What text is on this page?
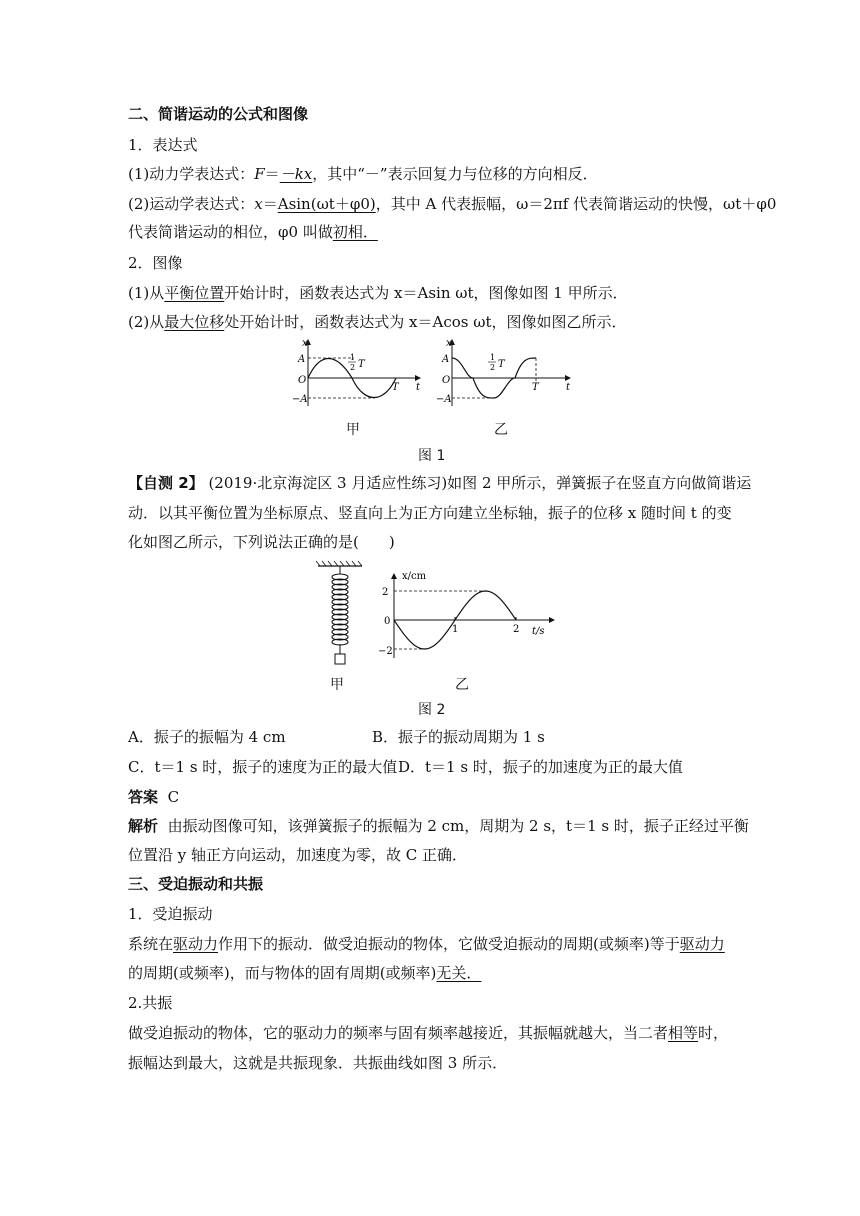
二、简谐运动的公式和图像
1．表达式
(1)动力学表达式：F＝－kx，其中“－”表示回复力与位移的方向相反．
(2)运动学表达式：x＝Asin(ωt＋φ0)，其中 A 代表振幅，ω＝2πf 代表简谐运动的快慢，ωt＋φ0
代表简谐运动的相位，φ0 叫做初相．
2．图像
(1)从平衡位置开始计时，函数表达式为 x＝Asin ωt，图像如图 1 甲所示．
(2)从最大位移处开始计时，函数表达式为 x＝Acos ωt，图像如图乙所示．
x
t
A
O
−A
1
2 T
T
x
t
A
O
−A
1
2 T
T
甲	乙
图 1
【自测 2】 (2019·北京海淀区 3 月适应性练习)如图 2 甲所示，弹簧振子在竖直方向做简谐运
动．以其平衡位置为坐标原点、竖直向上为正方向建立坐标轴，振子的位移 x 随时间 t 的变
化如图乙所示，下列说法正确的是(　　)
x/cm
t/s
2
0
−2
1	2
甲	乙
图 2
A．振子的振幅为 4 cm	B．振子的振动周期为 1 s
C．t＝1 s 时，振子的速度为正的最大值 D．t＝1 s 时，振子的加速度为正的最大值
答案 C
解析 由振动图像可知，该弹簧振子的振幅为 2 cm，周期为 2 s，t＝1 s 时，振子正经过平衡
位置沿 y 轴正方向运动，加速度为零，故 C 正确．
三、受迫振动和共振
1．受迫振动
系统在驱动力作用下的振动．做受迫振动的物体，它做受迫振动的周期(或频率)等于驱动力
的周期(或频率)，而与物体的固有周期(或频率)无关．
2.共振
做受迫振动的物体，它的驱动力的频率与固有频率越接近，其振幅就越大，当二者相等时，
振幅达到最大，这就是共振现象．共振曲线如图 3 所示．
